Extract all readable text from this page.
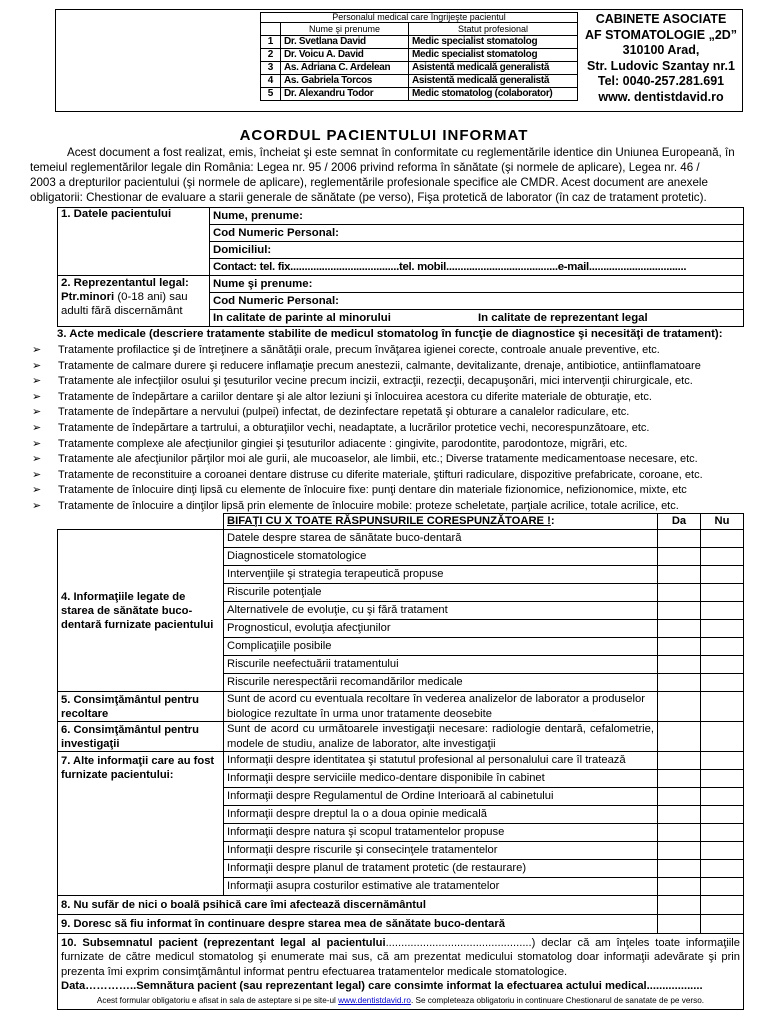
Personalul medical care îngrijeşte pacientul		
	Nume şi prenume	Statut profesional
1	Dr. Svetlana David	Medic specialist stomatolog
2	Dr. Voicu A. David	Medic specialist stomatolog
3	As. Adriana C. Ardelean	Asistentă medicală generalistă
4	As. Gabriela Torcos	Asistentă medicală generalistă
5	Dr. Alexandru Todor	Medic stomatolog (colaborator)
CABINETE ASOCIATE
AF STOMATOLOGIE „2D”
310100 Arad,
Str. Ludovic Szantay nr.1
Tel: 0040-257.281.691
www. dentistdavid.ro
ACORDUL PACIENTULUI INFORMAT
Acest document a fost realizat, emis, încheiat şi este semnat în conformitate cu reglementările identice din Uniunea Europeană, în
temeiul reglementărilor legale din România: Legea nr. 95 / 2006 privind reforma în sănătate (şi normele de aplicare), Legea nr. 46 /
2003 a drepturilor pacientului (şi normele de aplicare), reglementările profesionale specifice ale CMDR. Acest document are anexele
obligatorii: Chestionar de evaluare a starii generale de sănătate (pe verso), Fişa protetică de laborator (în caz de tratament protetic).
1. Datele pacientului	Nume, prenume:
	Cod Numeric Personal:
	Domiciliul:
	Contact: tel. fix......................................tel. mobil.......................................e-mail..................................
2. Reprezentantul legal:
Ptr.minori (0-18 ani) sau adulti fără discernământ	Nume şi prenume:
	Cod Numeric Personal:
	In calitate de parinte al minorului In calitate de reprezentant legal
3. Acte medicale (descriere tratamente stabilite de medicul stomatolog în funcţie de diagnostice şi necesităţi de tratament):
➢	Tratamente profilactice şi de întreţinere a sănătăţii orale, precum învăţarea igienei corecte, controale anuale preventive, etc.
➢	Tratamente de calmare durere şi reducere inflamaţie precum anestezii, calmante, devitalizante, drenaje, antibiotice, antiinflamatoare
➢	Tratamente ale infecţiilor osului şi ţesuturilor vecine precum incizii, extracţii, rezecţii, decapuşonări, mici intervenţii chirurgicale, etc.
➢	Tratamente de îndepărtare a cariilor dentare şi ale altor leziuni şi înlocuirea acestora cu diferite materiale de obturaţie, etc.
➢	Tratamente de îndepărtare a nervului (pulpei) infectat, de dezinfectare repetată şi obturare a canalelor radiculare, etc.
➢	Tratamente de îndepărtare a tartrului, a obturaţiilor vechi, neadaptate, a lucrărilor protetice vechi, necorespunzătoare, etc.
➢	Tratamente complexe ale afecţiunilor gingiei şi ţesuturilor adiacente : gingivite, parodontite, parodontoze, migrări, etc.
➢	Tratamente ale afecţiunilor părţilor moi ale gurii, ale mucoaselor, ale limbii, etc.; Diverse tratamente medicamentoase necesare, etc.
➢	Tratamente de reconstituire a coroanei dentare distruse cu diferite materiale, ştifturi radiculare, dispozitive prefabricate, coroane, etc.
➢	Tratamente de înlocuire dinţi lipsă cu elemente de înlocuire fixe: punţi dentare din materiale fizionomice, nefizionomice, mixte, etc
➢	Tratamente de înlocuire a dinţilor lipsă prin elemente de înlocuire mobile: proteze scheletate, parţiale acrilice, totale acrilice, etc.
	BIFAŢI CU X TOATE RĂSPUNSURILE CORESPUNZĂTOARE !:	Da	Nu
4. Informaţiile legate de starea de sănătate buco-dentară furnizate pacientului	Datele despre starea de sănătate buco-dentară		
	Diagnosticele stomatologice		
	Intervenţiile şi strategia terapeutică propuse		
	Riscurile potenţiale		
	Alternativele de evoluţie, cu şi fără tratament		
	Prognosticul, evoluţia afecţiunilor		
	Complicaţiile posibile		
	Riscurile neefectuării tratamentului		
	Riscurile nerespectării recomandărilor medicale		
5. Consimţământul pentru recoltare	Sunt de acord cu eventuala recoltare în vederea analizelor de laborator a produselor biologice rezultate în urma unor tratamente deosebite		
6. Consimţământul pentru investigaţii	Sunt de acord cu următoarele investigaţii necesare: radiologie dentară, cefalometrie, modele de studiu, analize de laborator, alte investigaţii		
7. Alte informaţii care au fost furnizate pacientului:	Informaţii despre identitatea şi statutul profesional al personalului care îl tratează		
	Informaţii despre serviciile medico-dentare disponibile în cabinet		
	Informaţii despre Regulamentul de Ordine Interioară al cabinetului		
	Informaţii despre dreptul la o a doua opinie medicală		
	Informaţii despre natura şi scopul tratamentelor propuse		
	Informaţii despre riscurile şi consecinţele tratamentelor		
	Informaţii despre planul de tratament protetic (de restaurare)		
	Informaţii asupra costurilor estimative ale tratamentelor		
8. Nu sufăr de nici o boală psihică care îmi afectează discernământul			
9. Doresc să fiu informat în continuare despre starea mea de sănătate buco-dentară			

10. Subsemnatul pacient (reprezentant legal al pacientului...............................................) declar că am înţeles toate informaţiile furnizate de către medicul stomatolog şi enumerate mai sus, că am prezentat medicului stomatolog doar informaţii adevărate şi prin prezenta îmi exprim consimţământul informat pentru efectuarea tratamentelor medicale stomatologice.
Data…………..Semnătura pacient (sau reprezentant legal) care consimte informat la efectuarea actului medical..................
Acest formular obligatoriu e afisat in sala de asteptare si pe site-ul www.dentistdavid.ro. Se completeaza obligatoriu in continuare Chestionarul de sanatate de pe verso.			
